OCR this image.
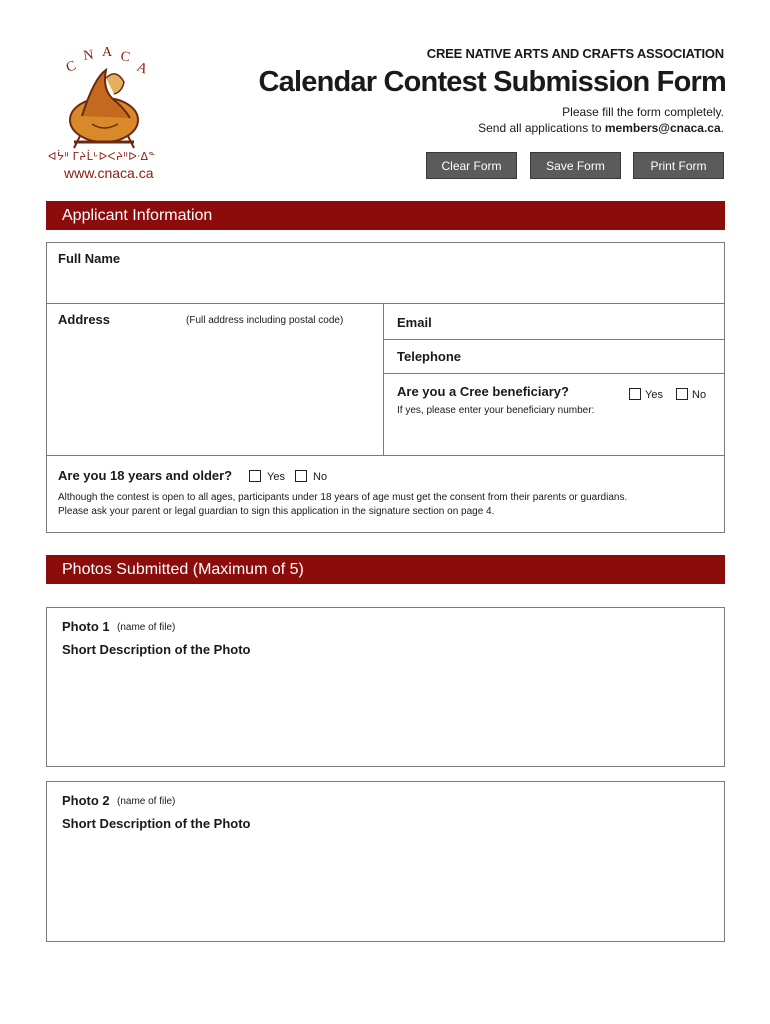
C
N A C
A
ᐊᔮᐦ ᒥᔨᒫᒡᐅᐸᔨᐦᐅᐧᐃᓐ
www.cnaca.ca
CREE NATIVE ARTS AND CRAFTS ASSOCIATION
Calendar Contest Submission Form
Please fill the form completely.
Send all applications to members@cnaca.ca.
Clear Form	Save Form	Print Form
Applicant Information
Full Name
Address	(Full address including postal code)	Email
Telephone
Are you a Cree beneficiary?	Yes	No
If yes, please enter your beneficiary number:
Are you 18 years and older?	Yes	No
Although the contest is open to all ages, participants under 18 years of age must get the consent from their parents or guardians.
Please ask your parent or legal guardian to sign this application in the signature section on page 4.
Photos Submitted (Maximum of 5)
Photo 1 (name of file)
Short Description of the Photo
Photo 2 (name of file)
Short Description of the Photo
